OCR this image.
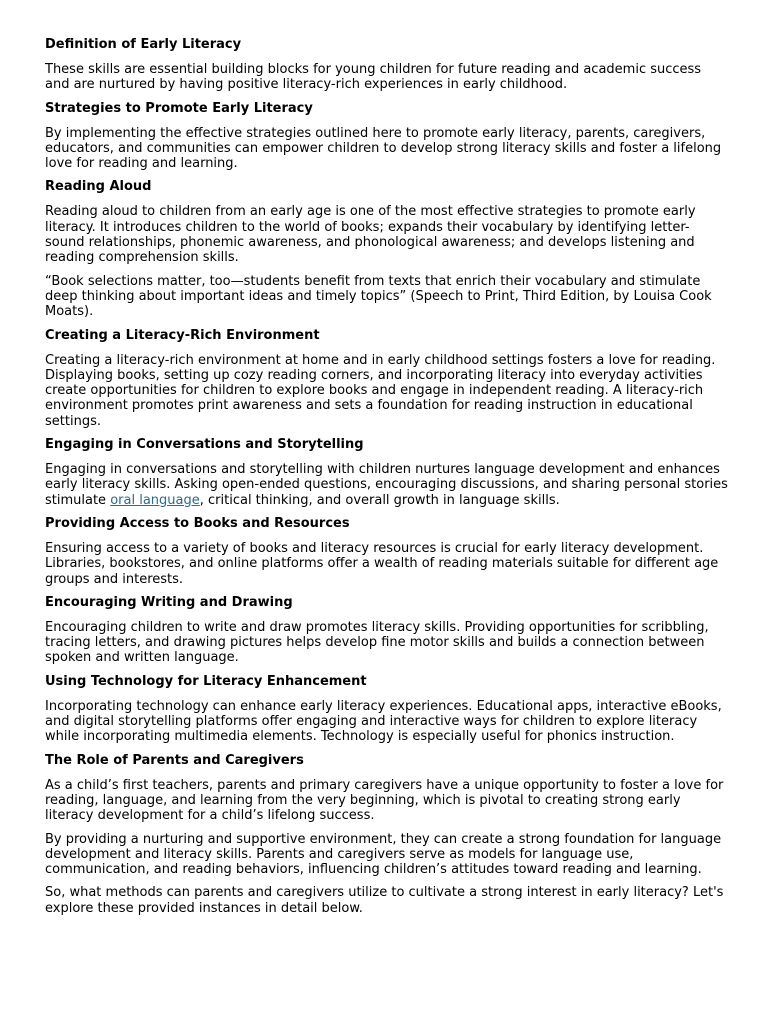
Definition of Early Literacy

These skills are essential building blocks for young children for future reading and academic success and are nurtured by having positive literacy-rich experiences in early childhood.

Strategies to Promote Early Literacy

By implementing the effective strategies outlined here to promote early literacy, parents, caregivers, educators, and communities can empower children to develop strong literacy skills and foster a lifelong love for reading and learning.

Reading Aloud

Reading aloud to children from an early age is one of the most effective strategies to promote early literacy. It introduces children to the world of books; expands their vocabulary by identifying letter-sound relationships, phonemic awareness, and phonological awareness; and develops listening and reading comprehension skills.

“Book selections matter, too—students benefit from texts that enrich their vocabulary and stimulate deep thinking about important ideas and timely topics” (Speech to Print, Third Edition, by Louisa Cook Moats).

Creating a Literacy-Rich Environment

Creating a literacy-rich environment at home and in early childhood settings fosters a love for reading. Displaying books, setting up cozy reading corners, and incorporating literacy into everyday activities create opportunities for children to explore books and engage in independent reading. A literacy-rich environment promotes print awareness and sets a foundation for reading instruction in educational settings.

Engaging in Conversations and Storytelling

Engaging in conversations and storytelling with children nurtures language development and enhances early literacy skills. Asking open-ended questions, encouraging discussions, and sharing personal stories stimulate oral language, critical thinking, and overall growth in language skills.

Providing Access to Books and Resources

Ensuring access to a variety of books and literacy resources is crucial for early literacy development. Libraries, bookstores, and online platforms offer a wealth of reading materials suitable for different age groups and interests.

Encouraging Writing and Drawing

Encouraging children to write and draw promotes literacy skills. Providing opportunities for scribbling, tracing letters, and drawing pictures helps develop fine motor skills and builds a connection between spoken and written language.

Using Technology for Literacy Enhancement

Incorporating technology can enhance early literacy experiences. Educational apps, interactive eBooks, and digital storytelling platforms offer engaging and interactive ways for children to explore literacy while incorporating multimedia elements. Technology is especially useful for phonics instruction.

The Role of Parents and Caregivers

As a child’s first teachers, parents and primary caregivers have a unique opportunity to foster a love for reading, language, and learning from the very beginning, which is pivotal to creating strong early literacy development for a child’s lifelong success.

By providing a nurturing and supportive environment, they can create a strong foundation for language development and literacy skills. Parents and caregivers serve as models for language use, communication, and reading behaviors, influencing children’s attitudes toward reading and learning.

So, what methods can parents and caregivers utilize to cultivate a strong interest in early literacy? Let's explore these provided instances in detail below.
